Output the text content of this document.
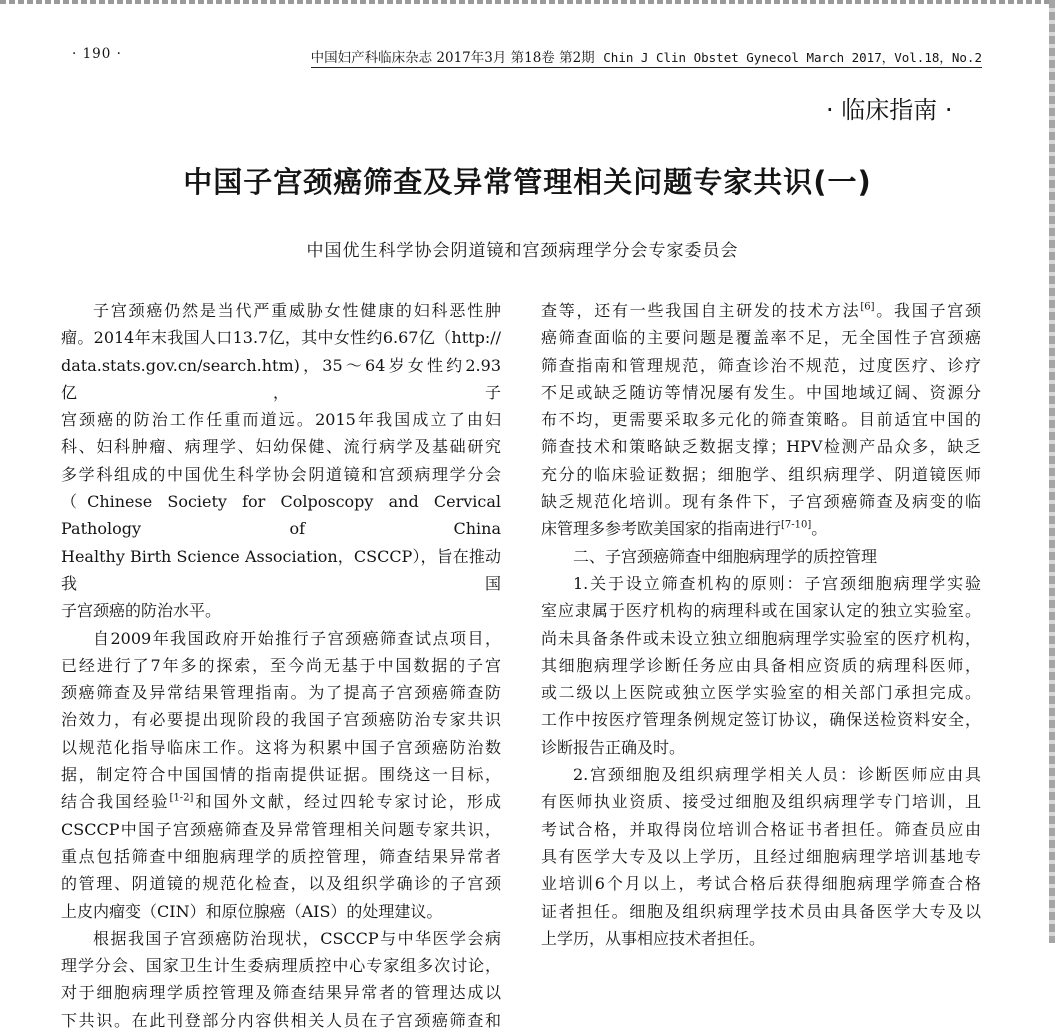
· 190 ·	中国妇产科临床杂志 2017年3月 第18卷 第2期 Chin J Clin Obstet Gynecol March 2017，Vol.18，No.2
· 临床指南 ·
中国子宫颈癌筛查及异常管理相关问题专家共识(一)
中国优生科学协会阴道镜和宫颈病理学分会专家委员会

子宫颈癌仍然是当代严重威胁女性健康的妇科恶性肿

瘤。2014年末我国人口13.7亿，其中女性约6.67亿（http://

data.stats.gov.cn/search.htm)，35～64岁女性约2.93亿，子

宫颈癌的防治工作任重而道远。2015年我国成立了由妇

科、妇科肿瘤、病理学、妇幼保健、流行病学及基础研究

多学科组成的中国优生科学协会阴道镜和宫颈病理学分会

（Chinese Society for Colposcopy and Cervical Pathology of China

Healthy Birth Science Association，CSCCP），旨在推动我国

子宫颈癌的防治水平。

自2009年我国政府开始推行子宫颈癌筛查试点项目，

已经进行了7年多的探索，至今尚无基于中国数据的子宫

颈癌筛查及异常结果管理指南。为了提高子宫颈癌筛查防

治效力，有必要提出现阶段的我国子宫颈癌防治专家共识

以规范化指导临床工作。这将为积累中国子宫颈癌防治数

据，制定符合中国国情的指南提供证据。围绕这一目标，

结合我国经验[1-2]和国外文献，经过四轮专家讨论，形成

CSCCP中国子宫颈癌筛查及异常管理相关问题专家共识，

重点包括筛查中细胞病理学的质控管理，筛查结果异常者

的管理、阴道镜的规范化检查，以及组织学确诊的子宫颈

上皮内瘤变（CIN）和原位腺癌（AIS）的处理建议。

根据我国子宫颈癌防治现状，CSCCP与中华医学会病

理学分会、国家卫生计生委病理质控中心专家组多次讨论，

对于细胞病理学质控管理及筛查结果异常者的管理达成以

下共识。在此刊登部分内容供相关人员在子宫颈癌筛查和

查等，还有一些我国自主研发的技术方法[6]。我国子宫颈

癌筛查面临的主要问题是覆盖率不足，无全国性子宫颈癌

筛查指南和管理规范，筛查诊治不规范，过度医疗、诊疗

不足或缺乏随访等情况屡有发生。中国地域辽阔、资源分

布不均，更需要采取多元化的筛查策略。目前适宜中国的

筛查技术和策略缺乏数据支撑；HPV检测产品众多，缺乏

充分的临床验证数据；细胞学、组织病理学、阴道镜医师

缺乏规范化培训。现有条件下，子宫颈癌筛查及病变的临

床管理多参考欧美国家的指南进行[7-10]。

二、子宫颈癌筛查中细胞病理学的质控管理

1.关于设立筛查机构的原则：子宫颈细胞病理学实验

室应隶属于医疗机构的病理科或在国家认定的独立实验室。

尚未具备条件或未设立独立细胞病理学实验室的医疗机构，

其细胞病理学诊断任务应由具备相应资质的病理科医师，

或二级以上医院或独立医学实验室的相关部门承担完成。

工作中按医疗管理条例规定签订协议，确保送检资料安全，

诊断报告正确及时。

2.宫颈细胞及组织病理学相关人员：诊断医师应由具

有医师执业资质、接受过细胞及组织病理学专门培训，且

考试合格，并取得岗位培训合格证书者担任。筛查员应由

具有医学大专及以上学历，且经过细胞病理学培训基地专

业培训6个月以上，考试合格后获得细胞病理学筛查合格

证者担任。细胞及组织病理学技术员由具备医学大专及以

上学历，从事相应技术者担任。
